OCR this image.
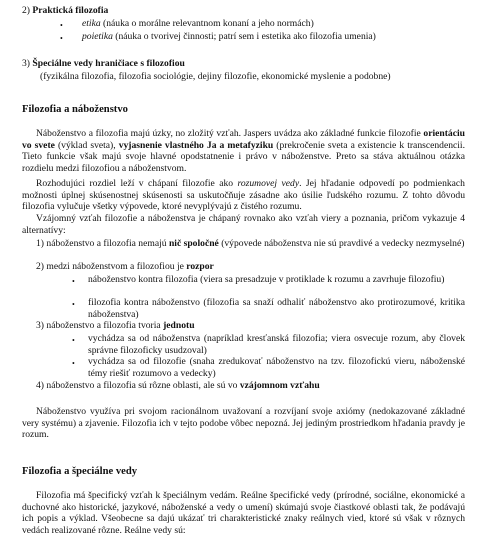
2) Praktická filozofia
• etika (náuka o morálne relevantnom konaní a jeho normách)
• poietika (náuka o tvorivej činnosti; patrí sem i estetika ako filozofia umenia)
3) Špeciálne vedy hraničiace s filozofiou
(fyzikálna filozofia, filozofia sociológie, dejiny filozofie, ekonomické myslenie a podobne)
Filozofia a náboženstvo

Náboženstvo a filozofia majú úzky, no zložitý vzťah. Jaspers uvádza ako základné funkcie filozofie orientáciu vo svete (výklad sveta), vyjasnenie vlastného Ja a metafyziku (prekročenie sveta a existencie k transcendencii. Tieto funkcie však majú svoje hlavné opodstatnenie i právo v náboženstve. Preto sa stáva aktuálnou otázka rozdielu medzi filozofiou a náboženstvom.

Rozhodujúci rozdiel leží v chápaní filozofie ako rozumovej vedy. Jej hľadanie odpovedí po podmienkach možnosti úplnej skúsenostnej skúsenosti sa uskutočňuje zásadne ako úsilie ľudského rozumu. Z tohto dôvodu filozofia vylučuje všetky výpovede, ktoré nevyplývajú z čistého rozumu.

Vzájomný vzťah filozofie a náboženstva je chápaný rovnako ako vzťah viery a poznania, pričom vykazuje 4 alternatívy:

1) náboženstvo a filozofia nemajú nič spoločné (výpovede náboženstva nie sú pravdivé a vedecky nezmyselné)
2) medzi náboženstvom a filozofiou je rozpor
• náboženstvo kontra filozofia (viera sa presadzuje v protiklade k rozumu a zavrhuje filozofiu)
• filozofia kontra náboženstvo (filozofia sa snaží odhaliť náboženstvo ako protirozumové, kritika náboženstva)
3) náboženstvo a filozofia tvoria jednotu
• vychádza sa od náboženstva (napríklad kresťanská filozofia; viera osvecuje rozum, aby človek správne filozoficky usudzoval)
• vychádza sa od filozofie (snaha zredukovať náboženstvo na tzv. filozofickú vieru, náboženské témy riešiť rozumovo a vedecky)
4) náboženstvo a filozofia sú rôzne oblasti, ale sú vo vzájomnom vzťahu

Náboženstvo využíva pri svojom racionálnom uvažovaní a rozvíjaní svoje axiómy (nedokazované základné very systému) a zjavenie. Filozofia ich v tejto podobe vôbec nepozná. Jej jediným prostriedkom hľadania pravdy je rozum.

Filozofia a špeciálne vedy

Filozofia má špecifický vzťah k špeciálnym vedám. Reálne špecifické vedy (prírodné, sociálne, ekonomické a duchovné ako historické, jazykové, náboženské a vedy o umení) skúmajú svoje čiastkové oblasti tak, že podávajú ich popis a výklad. Všeobecne sa dajú ukázať tri charakteristické znaky reálnych vied, ktoré sú však v rôznych vedách realizované rôzne. Reálne vedy sú:
